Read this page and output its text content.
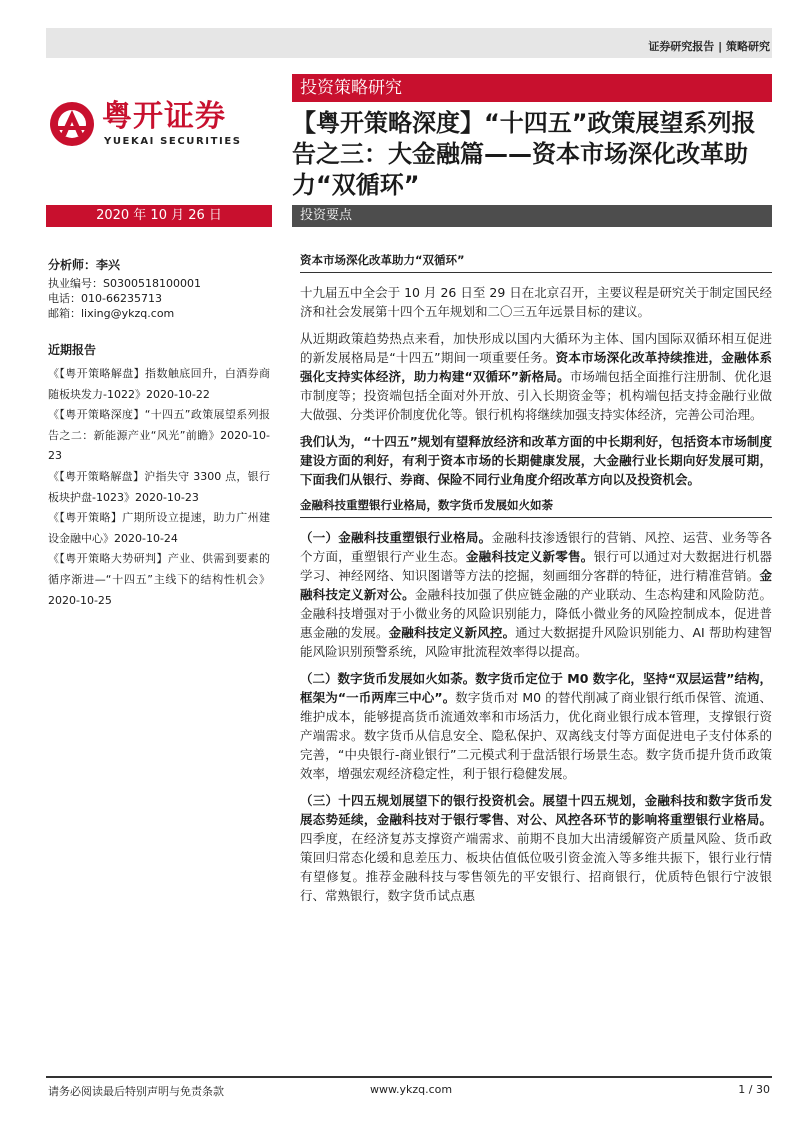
证券研究报告 | 策略研究
粤开证券
YUEKAI SECURITIES
投资策略研究
【粤开策略深度】“十四五”政策展望系列报告之三：大金融篇——资本市场深化改革助力“双循环”
2020 年 10 月 26 日	投资要点
分析师：李兴
执业编号：S0300518100001
电话：010-66235713
邮箱：lixing@ykzq.com
近期报告
《【粤开策略解盘】指数触底回升，白酒券商随板块发力-1022》2020-10-22
《【粤开策略深度】“十四五”政策展望系列报告之二：新能源产业“风光”前瞻》2020-10-23
《【粤开策略解盘】沪指失守 3300 点，银行板块护盘-1023》2020-10-23
《【粤开策略】广期所设立提速，助力广州建设金融中心》2020-10-24
《【粤开策略大势研判】产业、供需到要素的循序渐进—“十四五”主线下的结构性机会》2020-10-25
资本市场深化改革助力“双循环”

十九届五中全会于 10 月 26 日至 29 日在北京召开，主要议程是研究关于制定国民经济和社会发展第十四个五年规划和二〇三五年远景目标的建议。

从近期政策趋势热点来看，加快形成以国内大循环为主体、国内国际双循环相互促进的新发展格局是“十四五”期间一项重要任务。资本市场深化改革持续推进，金融体系强化支持实体经济，助力构建“双循环”新格局。市场端包括全面推行注册制、优化退市制度等；投资端包括全面对外开放、引入长期资金等；机构端包括支持金融行业做大做强、分类评价制度优化等。银行机构将继续加强支持实体经济，完善公司治理。

我们认为，“十四五”规划有望释放经济和改革方面的中长期利好，包括资本市场制度建设方面的利好，有利于资本市场的长期健康发展，大金融行业长期向好发展可期，下面我们从银行、券商、保险不同行业角度介绍改革方向以及投资机会。

金融科技重塑银行业格局，数字货币发展如火如荼

（一）金融科技重塑银行业格局。金融科技渗透银行的营销、风控、运营、业务等各个方面，重塑银行产业生态。金融科技定义新零售。银行可以通过对大数据进行机器学习、神经网络、知识图谱等方法的挖掘，刻画细分客群的特征，进行精准营销。金融科技定义新对公。金融科技加强了供应链金融的产业联动、生态构建和风险防范。金融科技增强对于小微业务的风险识别能力，降低小微业务的风险控制成本，促进普惠金融的发展。金融科技定义新风控。通过大数据提升风险识别能力、AI 帮助构建智能风险识别预警系统，风险审批流程效率得以提高。

（二）数字货币发展如火如荼。数字货币定位于 M0 数字化，坚持“双层运营”结构，框架为“一币两库三中心”。数字货币对 M0 的替代削减了商业银行纸币保管、流通、维护成本，能够提高货币流通效率和市场活力，优化商业银行成本管理，支撑银行资产端需求。数字货币从信息安全、隐私保护、双离线支付等方面促进电子支付体系的完善，“中央银行-商业银行”二元模式利于盘活银行场景生态。数字货币提升货币政策效率，增强宏观经济稳定性，利于银行稳健发展。

（三）十四五规划展望下的银行投资机会。展望十四五规划，金融科技和数字货币发展态势延续，金融科技对于银行零售、对公、风控各环节的影响将重塑银行业格局。四季度，在经济复苏支撑资产端需求、前期不良加大出清缓解资产质量风险、货币政策回归常态化缓和息差压力、板块估值低位吸引资金流入等多维共振下，银行业行情有望修复。推荐金融科技与零售领先的平安银行、招商银行，优质特色银行宁波银行、常熟银行，数字货币试点惠

请务必阅读最后特别声明与免责条款	www.ykzq.com	1 / 30
